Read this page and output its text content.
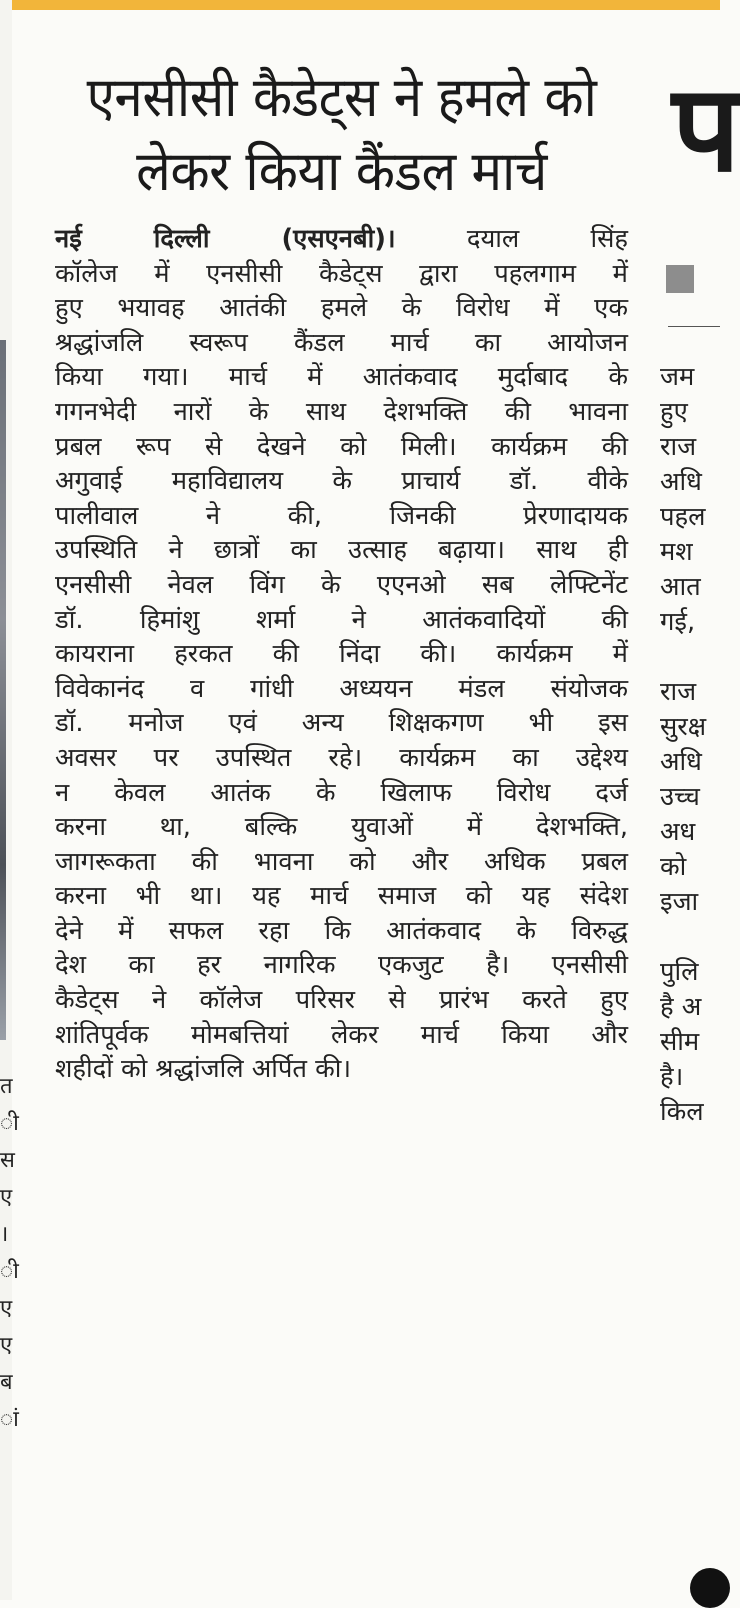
त
ी
स
ए
।
ी
ए
ए
ब
ां
एनसीसी कैडेट्स ने हमले को
लेकर किया कैंडल मार्च
नई दिल्ली (एसएनबी)। दयाल सिंह
कॉलेज में एनसीसी कैडेट्स द्वारा पहलगाम में
हुए भयावह आतंकी हमले के विरोध में एक
श्रद्धांजलि स्वरूप कैंडल मार्च का आयोजन
किया गया। मार्च में आतंकवाद मुर्दाबाद के
गगनभेदी नारों के साथ देशभक्ति की भावना
प्रबल रूप से देखने को मिली। कार्यक्रम की
अगुवाई महाविद्यालय के प्राचार्य डॉ. वीके
पालीवाल ने की, जिनकी प्रेरणादायक
उपस्थिति ने छात्रों का उत्साह बढ़ाया। साथ ही
एनसीसी नेवल विंग के एएनओ सब लेफ्टिनेंट
डॉ. हिमांशु शर्मा ने आतंकवादियों की
कायराना हरकत की निंदा की। कार्यक्रम में
विवेकानंद व गांधी अध्ययन मंडल संयोजक
डॉ. मनोज एवं अन्य शिक्षकगण भी इस
अवसर पर उपस्थित रहे। कार्यक्रम का उद्देश्य
न केवल आतंक के खिलाफ विरोध दर्ज
करना था, बल्कि युवाओं में देशभक्ति,
जागरूकता की भावना को और अधिक प्रबल
करना भी था। यह मार्च समाज को यह संदेश
देने में सफल रहा कि आतंकवाद के विरुद्ध
देश का हर नागरिक एकजुट है। एनसीसी
कैडेट्स ने कॉलेज परिसर से प्रारंभ करते हुए
शांतिपूर्वक मोमबत्तियां लेकर मार्च किया और
शहीदों को श्रद्धांजलि अर्पित की।
प
जम
हुए
राज
अधि
पहल
मश
आत
गई,
राज
सुरक्ष
अधि
उच्च
अध
को
इजा
पुलि
है अ
सीम
है।
किल
